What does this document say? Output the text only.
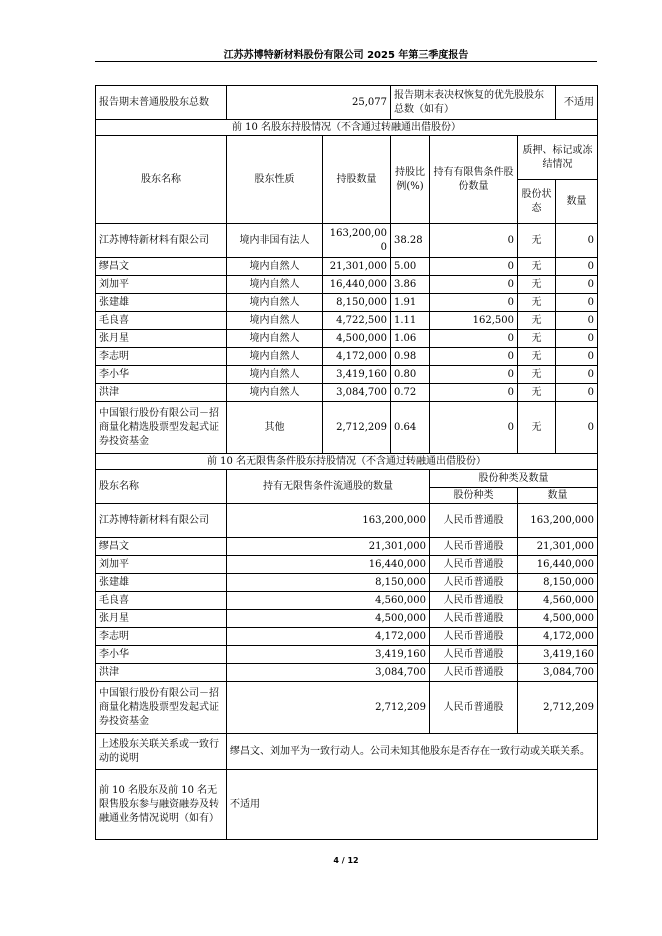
江苏苏博特新材料股份有限公司 2025 年第三季度报告
报告期末普通股股东总数	25,077		报告期末表决权恢复的优先股股东总数（如有）			不适用
前 10 名股东持股情况（不含通过转融通出借股份）						
股东名称	股东性质	持股数量	持股比例(%)	持有有限售条件股份数量	质押、标记或冻结情况	
					股份状态	数量
江苏博特新材料有限公司	境内非国有法人	163,200,000	38.28	0	无	0
缪昌文	境内自然人	21,301,000	5.00	0	无	0
刘加平	境内自然人	16,440,000	3.86	0	无	0
张建雄	境内自然人	8,150,000	1.91	0	无	0
毛良喜	境内自然人	4,722,500	1.11	162,500	无	0
张月星	境内自然人	4,500,000	1.06	0	无	0
李志明	境内自然人	4,172,000	0.98	0	无	0
李小华	境内自然人	3,419,160	0.80	0	无	0
洪津	境内自然人	3,084,700	0.72	0	无	0
中国银行股份有限公司－招商量化精选股票型发起式证券投资基金	其他	2,712,209	0.64	0	无	0
前 10 名无限售条件股东持股情况（不含通过转融通出借股份）						
股东名称	持有无限售条件流通股的数量			股份种类及数量		
				股份种类	数量	
江苏博特新材料有限公司	163,200,000			人民币普通股	163,200,000	
缪昌文	21,301,000			人民币普通股	21,301,000	
刘加平	16,440,000			人民币普通股	16,440,000	
张建雄	8,150,000			人民币普通股	8,150,000	
毛良喜	4,560,000			人民币普通股	4,560,000	
张月星	4,500,000			人民币普通股	4,500,000	
李志明	4,172,000			人民币普通股	4,172,000	
李小华	3,419,160			人民币普通股	3,419,160	
洪津	3,084,700			人民币普通股	3,084,700	
中国银行股份有限公司－招商量化精选股票型发起式证券投资基金	2,712,209			人民币普通股	2,712,209	
上述股东关联关系或一致行动的说明	缪昌文、刘加平为一致行动人。公司未知其他股东是否存在一致行动或关联关系。					
前 10 名股东及前 10 名无限售股东参与融资融券及转融通业务情况说明（如有）	不适用					
4 / 12
